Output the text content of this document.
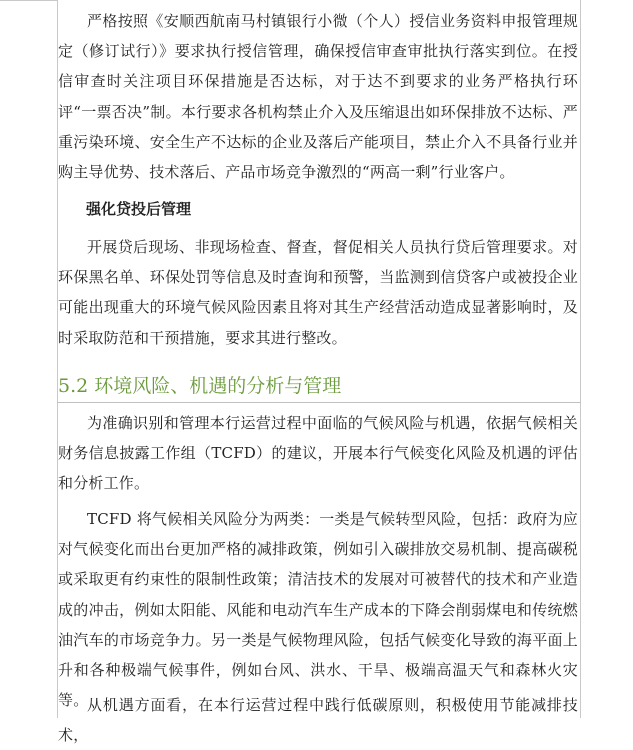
严格按照《安顺西航南马村镇银行小微（个人）授信业务资料申报管理规定（修订试行）》要求执行授信管理，确保授信审查审批执行落实到位。在授信审查时关注项目环保措施是否达标，对于达不到要求的业务严格执行环评“一票否决”制。本行要求各机构禁止介入及压缩退出如环保排放不达标、严重污染环境、安全生产不达标的企业及落后产能项目，禁止介入不具备行业并购主导优势、技术落后、产品市场竞争激烈的“两高一剩”行业客户。

强化贷投后管理

开展贷后现场、非现场检查、督查，督促相关人员执行贷后管理要求。对环保黑名单、环保处罚等信息及时查询和预警，当监测到信贷客户或被投企业可能出现重大的环境气候风险因素且将对其生产经营活动造成显著影响时，及时采取防范和干预措施，要求其进行整改。

5.2 环境风险、机遇的分析与管理

为准确识别和管理本行运营过程中面临的气候风险与机遇，依据气候相关财务信息披露工作组（TCFD）的建议，开展本行气候变化风险及机遇的评估和分析工作。

TCFD 将气候相关风险分为两类：一类是气候转型风险，包括：政府为应对气候变化而出台更加严格的减排政策，例如引入碳排放交易机制、提高碳税或采取更有约束性的限制性政策；清洁技术的发展对可被替代的技术和产业造成的冲击，例如太阳能、风能和电动汽车生产成本的下降会削弱煤电和传统燃油汽车的市场竞争力。另一类是气候物理风险，包括气候变化导致的海平面上升和各种极端气候事件，例如台风、洪水、干旱、极端高温天气和森林火灾等。

从机遇方面看，在本行运营过程中践行低碳原则，积极使用节能减排技术，
